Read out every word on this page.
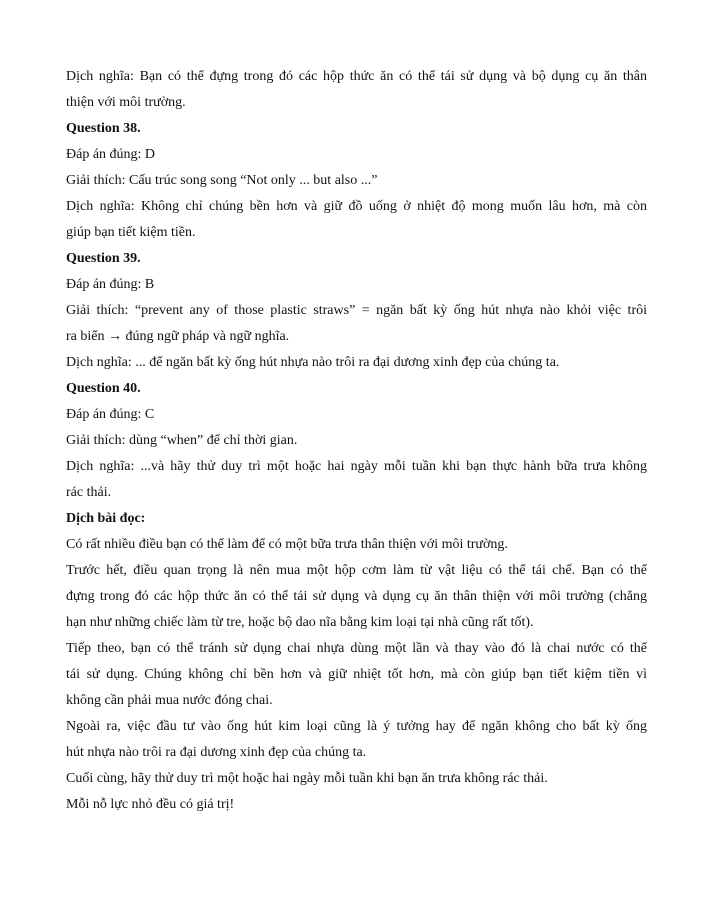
Dịch nghĩa: Bạn có thể đựng trong đó các hộp thức ăn có thể tái sử dụng và bộ dụng cụ ăn thân
thiện với môi trường.
Question 38.
Đáp án đúng: D
Giải thích: Cấu trúc song song “Not only ... but also ...”
Dịch nghĩa: Không chỉ chúng bền hơn và giữ đồ uống ở nhiệt độ mong muốn lâu hơn, mà còn
giúp bạn tiết kiệm tiền.
Question 39.
Đáp án đúng: B
Giải thích: “prevent any of those plastic straws” = ngăn bất kỳ ống hút nhựa nào khỏi việc trôi
ra biển → đúng ngữ pháp và ngữ nghĩa.
Dịch nghĩa: ... để ngăn bất kỳ ống hút nhựa nào trôi ra đại dương xinh đẹp của chúng ta.
Question 40.
Đáp án đúng: C
Giải thích: dùng “when” để chỉ thời gian.
Dịch nghĩa: ...và hãy thử duy trì một hoặc hai ngày mỗi tuần khi bạn thực hành bữa trưa không
rác thải.
Dịch bài đọc:
Có rất nhiều điều bạn có thể làm để có một bữa trưa thân thiện với môi trường.
Trước hết, điều quan trọng là nên mua một hộp cơm làm từ vật liệu có thể tái chế. Bạn có thể
đựng trong đó các hộp thức ăn có thể tái sử dụng và dụng cụ ăn thân thiện với môi trường (chẳng
hạn như những chiếc làm từ tre, hoặc bộ dao nĩa bằng kim loại tại nhà cũng rất tốt).
Tiếp theo, bạn có thể tránh sử dụng chai nhựa dùng một lần và thay vào đó là chai nước có thể
tái sử dụng. Chúng không chỉ bền hơn và giữ nhiệt tốt hơn, mà còn giúp bạn tiết kiệm tiền vì
không cần phải mua nước đóng chai.
Ngoài ra, việc đầu tư vào ống hút kim loại cũng là ý tưởng hay để ngăn không cho bất kỳ ống
hút nhựa nào trôi ra đại dương xinh đẹp của chúng ta.
Cuối cùng, hãy thử duy trì một hoặc hai ngày mỗi tuần khi bạn ăn trưa không rác thải.
Mỗi nỗ lực nhỏ đều có giá trị!
